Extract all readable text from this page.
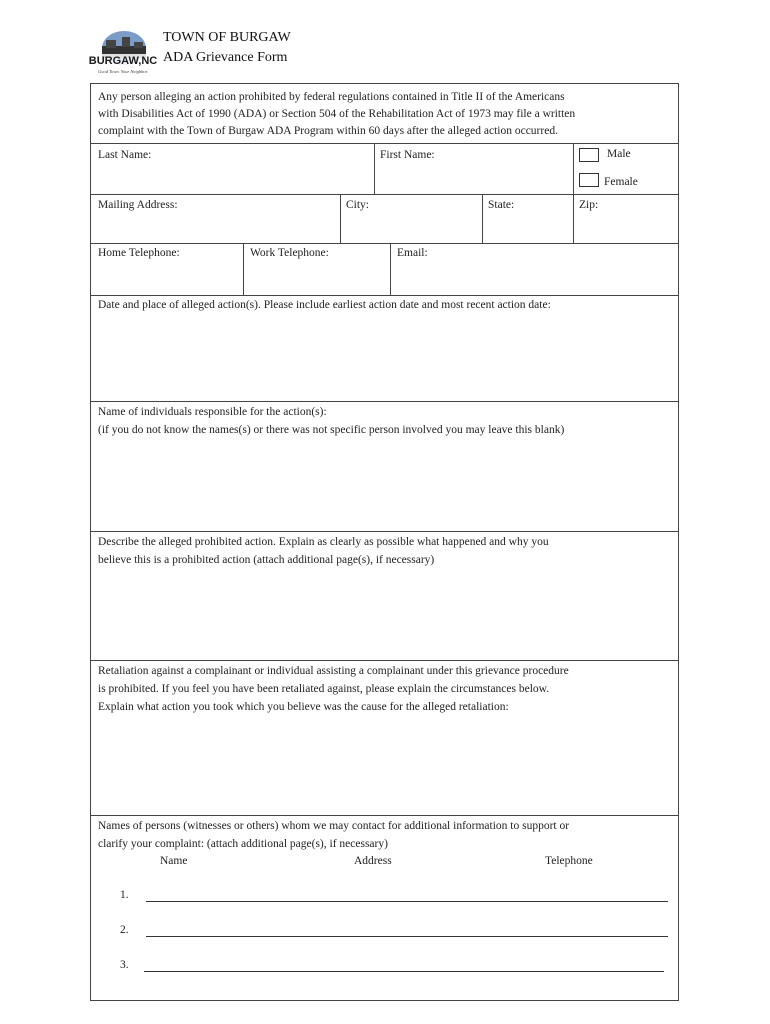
BURGAW,NC
Good Town. Your Neighbor.
TOWN OF BURGAW
ADA Grievance Form
Any person alleging an action prohibited by federal regulations contained in Title II of the Americans
with Disabilities Act of 1990 (ADA) or Section 504 of the Rehabilitation Act of 1973 may file a written
complaint with the Town of Burgaw ADA Program within 60 days after the alleged action occurred.
Last Name:	First Name:	Male
Female
Mailing Address:	City:	State:	Zip:
Home Telephone:	Work Telephone:	Email:
Date and place of alleged action(s). Please include earliest action date and most recent action date:
Name of individuals responsible for the action(s):
(if you do not know the names(s) or there was not specific person involved you may leave this blank)
Describe the alleged prohibited action. Explain as clearly as possible what happened and why you
believe this is a prohibited action (attach additional page(s), if necessary)
Retaliation against a complainant or individual assisting a complainant under this grievance procedure
is prohibited. If you feel you have been retaliated against, please explain the circumstances below.
Explain what action you took which you believe was the cause for the alleged retaliation:
Names of persons (witnesses or others) whom we may contact for additional information to support or
clarify your complaint: (attach additional page(s), if necessary)
Name	Address	Telephone
1.
2.
3.
